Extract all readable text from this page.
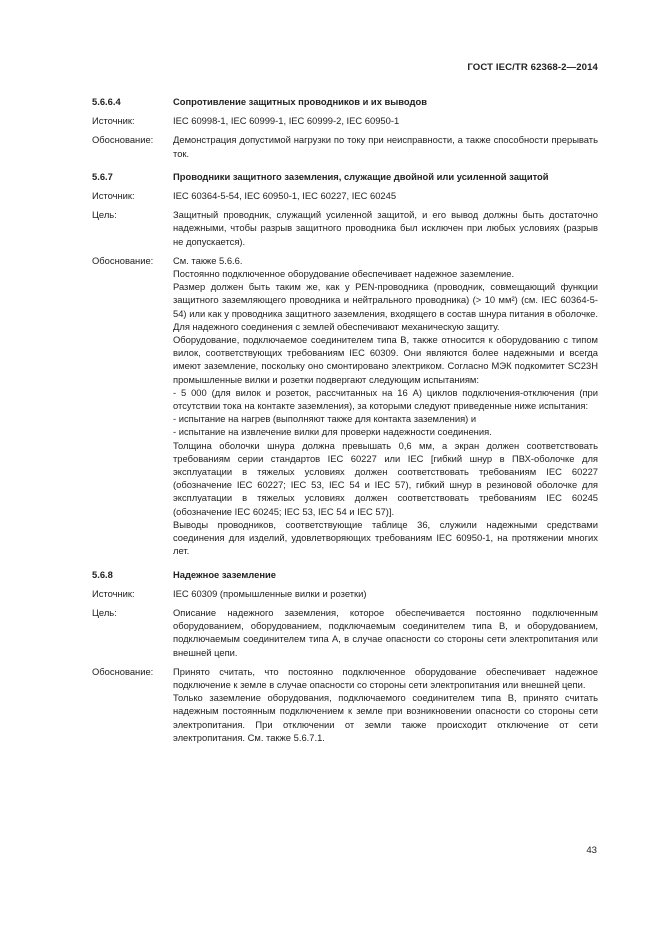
ГОСТ IEC/TR 62368-2—2014
5.6.6.4	Сопротивление защитных проводников и их выводов
Источник:	IEC 60998-1, IEC 60999-1, IEC 60999-2, IEC 60950-1
Обоснование:	Демонстрация допустимой нагрузки по току при неисправности, а также способности прерывать ток.
5.6.7	Проводники защитного заземления, служащие двойной или усиленной защитой
Источник:	IEC 60364-5-54, IEC 60950-1, IEC 60227, IEC 60245
Цель:	Защитный проводник, служащий усиленной защитой, и его вывод должны быть достаточно надежными, чтобы разрыв защитного проводника был исключен при любых условиях (разрыв не допускается).
Обоснование:	См. также 5.6.6.

Постоянно подключенное оборудование обеспечивает надежное заземление.

Размер должен быть таким же, как у PEN-проводника (проводник, совмещающий функции защитного заземляющего проводника и нейтрального проводника) (> 10 мм²) (см. IEC 60364-5-54) или как у проводника защитного заземления, входящего в состав шнура питания в оболочке. Для надежного соединения с землей обеспечивают механическую защиту.

Оборудование, подключаемое соединителем типа B, также относится к оборудованию с типом вилок, соответствующих требованиям IEC 60309. Они являются более надежными и всегда имеют заземление, поскольку оно смонтировано электриком. Согласно МЭК подкомитет SC23H промышленные вилки и розетки подвергают следующим испытаниям:

- 5 000 (для вилок и розеток, рассчитанных на 16 А) циклов подключения-отключения (при отсутствии тока на контакте заземления), за которыми следуют приведенные ниже испытания:

- испытание на нагрев (выполняют также для контакта заземления) и

- испытание на извлечение вилки для проверки надежности соединения.

Толщина оболочки шнура должна превышать 0,6 мм, а экран должен соответствовать требованиям серии стандартов IEC 60227 или IEC [гибкий шнур в ПВХ-оболочке для эксплуатации в тяжелых условиях должен соответствовать требованиям IEC 60227 (обозначение IEC 60227; IEC 53, IEC 54 и IEC 57), гибкий шнур в резиновой оболочке для эксплуатации в тяжелых условиях должен соответствовать требованиям IEC 60245 (обозначение IEC 60245; IEC 53, IEC 54 и IEC 57)].

Выводы проводников, соответствующие таблице 36, служили надежными средствами соединения для изделий, удовлетворяющих требованиям IEC 60950-1, на протяжении многих лет.

5.6.8	Надежное заземление
Источник:	IEC 60309 (промышленные вилки и розетки)
Цель:	Описание надежного заземления, которое обеспечивается постоянно подключенным оборудованием, оборудованием, подключаемым соединителем типа B, и оборудованием, подключаемым соединителем типа A, в случае опасности со стороны сети электропитания или внешней цепи.
Обоснование:	Принято считать, что постоянно подключенное оборудование обеспечивает надежное подключение к земле в случае опасности со стороны сети электропитания или внешней цепи.

Только заземление оборудования, подключаемого соединителем типа B, принято считать надежным постоянным подключением к земле при возникновении опасности со стороны сети электропитания. При отключении от земли также происходит отключение от сети электропитания. См. также 5.6.7.1.

43
